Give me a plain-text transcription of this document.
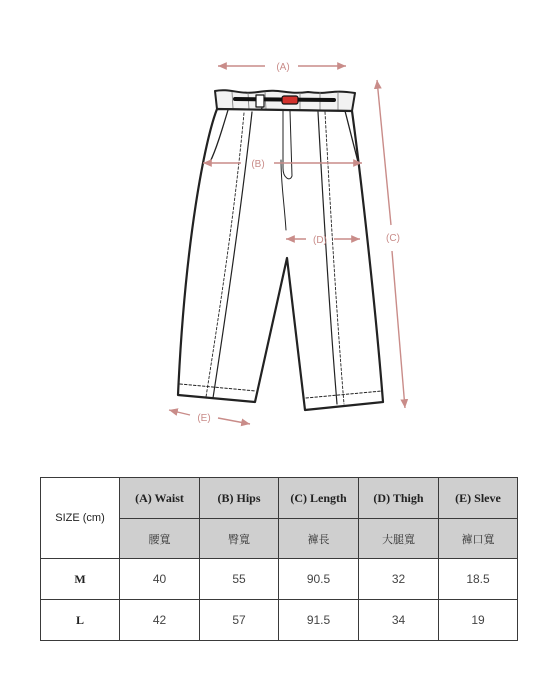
(A)
(B)
(C)
(D)
(E)
SIZE (cm)	(A) Waist	(B) Hips	(C) Length	(D) Thigh	(E) Sleve
	腰寬	臀寬	褲長	大腿寬	褲口寬
M	40	55	90.5	32	18.5
L	42	57	91.5	34	19
